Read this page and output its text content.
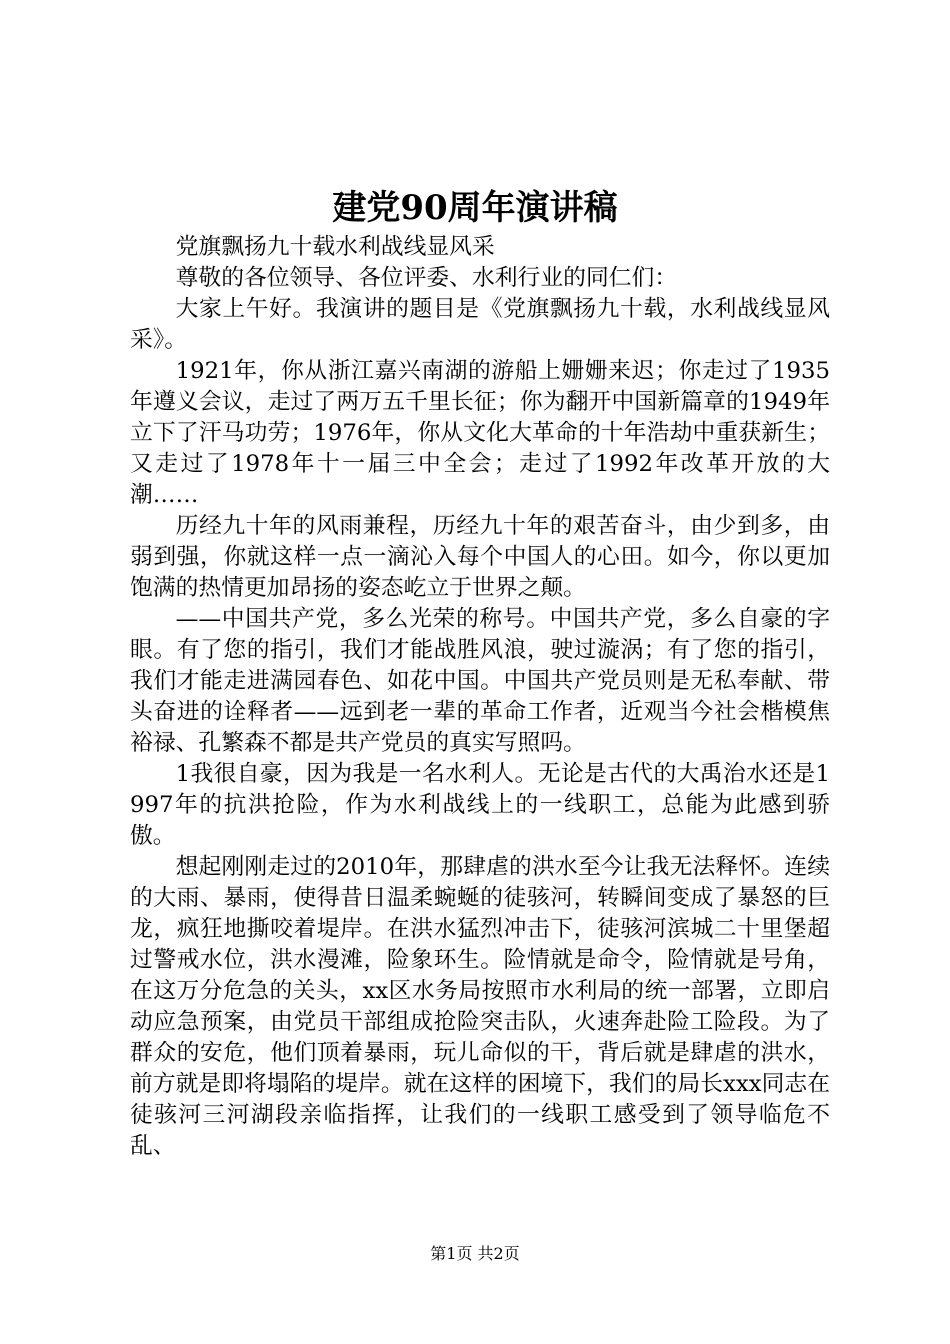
建党90周年演讲稿

党旗飘扬九十载水利战线显风采

尊敬的各位领导、各位评委、水利行业的同仁们：

大家上午好。我演讲的题目是《党旗飘扬九十载，水利战线显风采》。

1921年，你从浙江嘉兴南湖的游船上姗姗来迟；你走过了1935年遵义会议，走过了两万五千里长征；你为翻开中国新篇章的1949年立下了汗马功劳；1976年，你从文化大革命的十年浩劫中重获新生；又走过了1978年十一届三中全会；走过了1992年改革开放的大潮……

历经九十年的风雨兼程，历经九十年的艰苦奋斗，由少到多，由弱到强，你就这样一点一滴沁入每个中国人的心田。如今，你以更加饱满的热情更加昂扬的姿态屹立于世界之颠。

——中国共产党，多么光荣的称号。中国共产党，多么自豪的字眼。有了您的指引，我们才能战胜风浪，驶过漩涡；有了您的指引，我们才能走进满园春色、如花中国。中国共产党员则是无私奉献、带头奋进的诠释者——远到老一辈的革命工作者，近观当今社会楷模焦裕禄、孔繁森不都是共产党员的真实写照吗。

1我很自豪，因为我是一名水利人。无论是古代的大禹治水还是1997年的抗洪抢险，作为水利战线上的一线职工，总能为此感到骄傲。

想起刚刚走过的2010年，那肆虐的洪水至今让我无法释怀。连续的大雨、暴雨，使得昔日温柔蜿蜒的徒骇河，转瞬间变成了暴怒的巨龙，疯狂地撕咬着堤岸。在洪水猛烈冲击下，徒骇河滨城二十里堡超过警戒水位，洪水漫滩，险象环生。险情就是命令，险情就是号角，在这万分危急的关头，xx区水务局按照市水利局的统一部署，立即启动应急预案，由党员干部组成抢险突击队，火速奔赴险工险段。为了群众的安危，他们顶着暴雨，玩儿命似的干，背后就是肆虐的洪水，前方就是即将塌陷的堤岸。就在这样的困境下，我们的局长xxx同志在徒骇河三河湖段亲临指挥，让我们的一线职工感受到了领导临危不乱、

第1页 共2页
